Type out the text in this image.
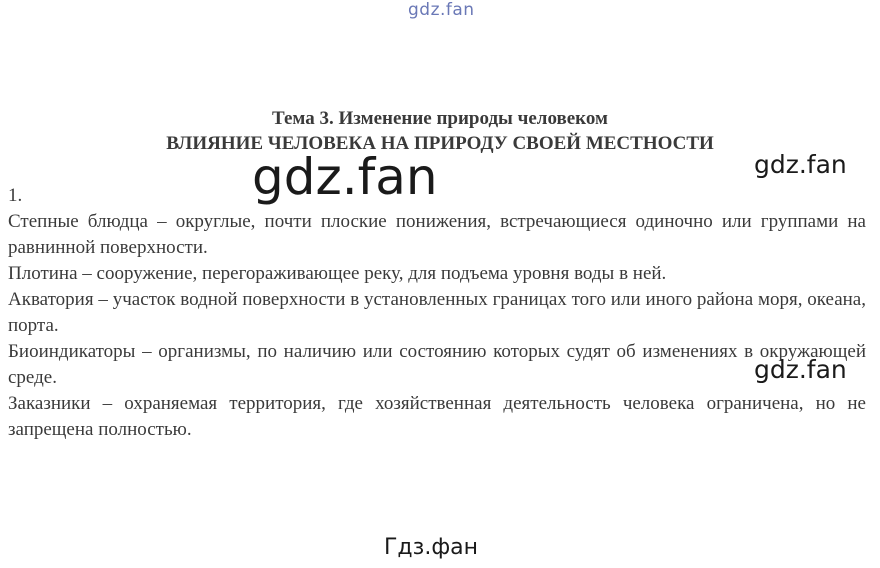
gdz.fan
Тема 3. Изменение природы человеком
ВЛИЯНИЕ ЧЕЛОВЕКА НА ПРИРОДУ СВОЕЙ МЕСТНОСТИ

1.

Степные блюдца – округлые, почти плоские понижения, встречающиеся одиночно или группами на равнинной поверхности.

Плотина – сооружение, перегораживающее реку, для подъема уровня воды в ней.

Акватория – участок водной поверхности в установленных границах того или иного района моря, океана, порта.

Биоиндикаторы – организмы, по наличию или состоянию которых судят об изменениях в окружающей среде.

Заказники – охраняемая территория, где хозяйственная деятельность человека ограничена, но не запрещена полностью.

gdz.fan	gdz.fan
gdz.fan
Гдз.фан
